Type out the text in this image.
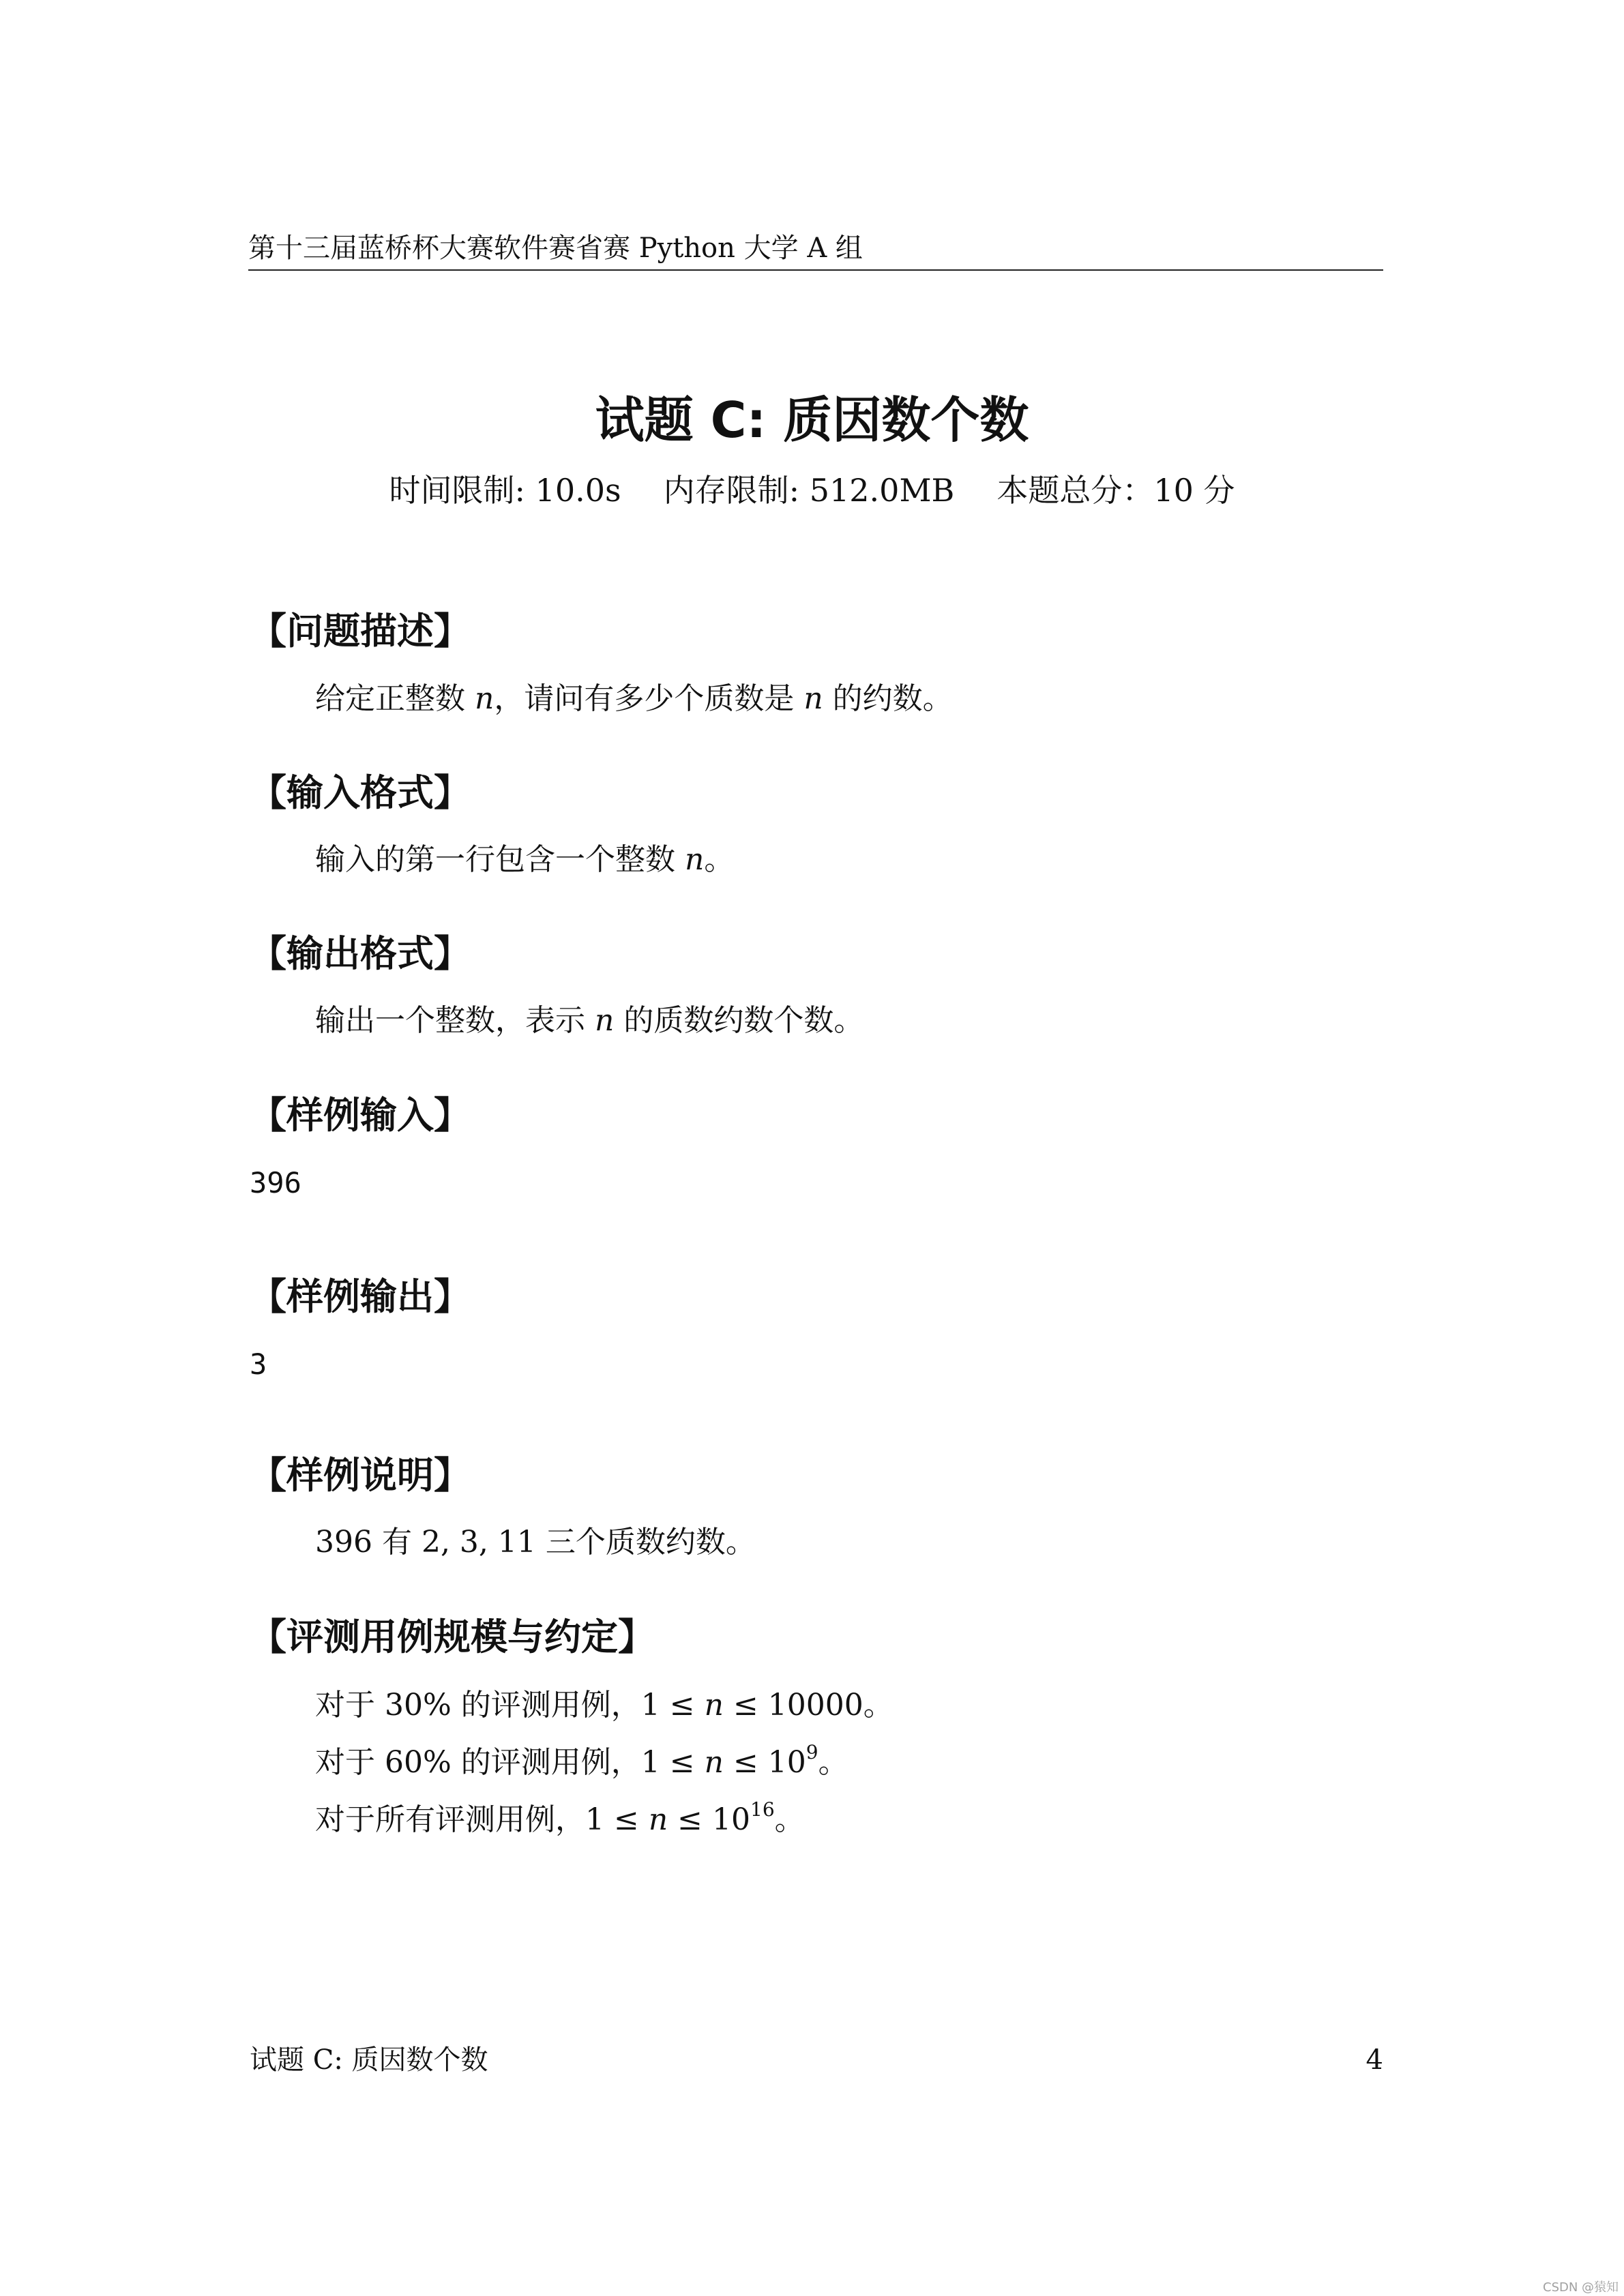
第十三届蓝桥杯大赛软件赛省赛 Python 大学 A 组
试题 C: 质因数个数
时间限制: 10.0s 内存限制: 512.0MB 本题总分：10 分
【问题描述】
给定正整数 n，请问有多少个质数是 n 的约数。
【输入格式】
输入的第一行包含一个整数 n。
【输出格式】
输出一个整数，表示 n 的质数约数个数。
【样例输入】
396
【样例输出】
3
【样例说明】
396 有 2, 3, 11 三个质数约数。
【评测用例规模与约定】
对于 30% 的评测用例，1 ≤ n ≤ 10000。
对于 60% 的评测用例，$1 \le n \le 10^9$。
对于所有评测用例，$1 \le n \le 10^{16}$。
试题 C: 质因数个数	4
CSDN @猿知
